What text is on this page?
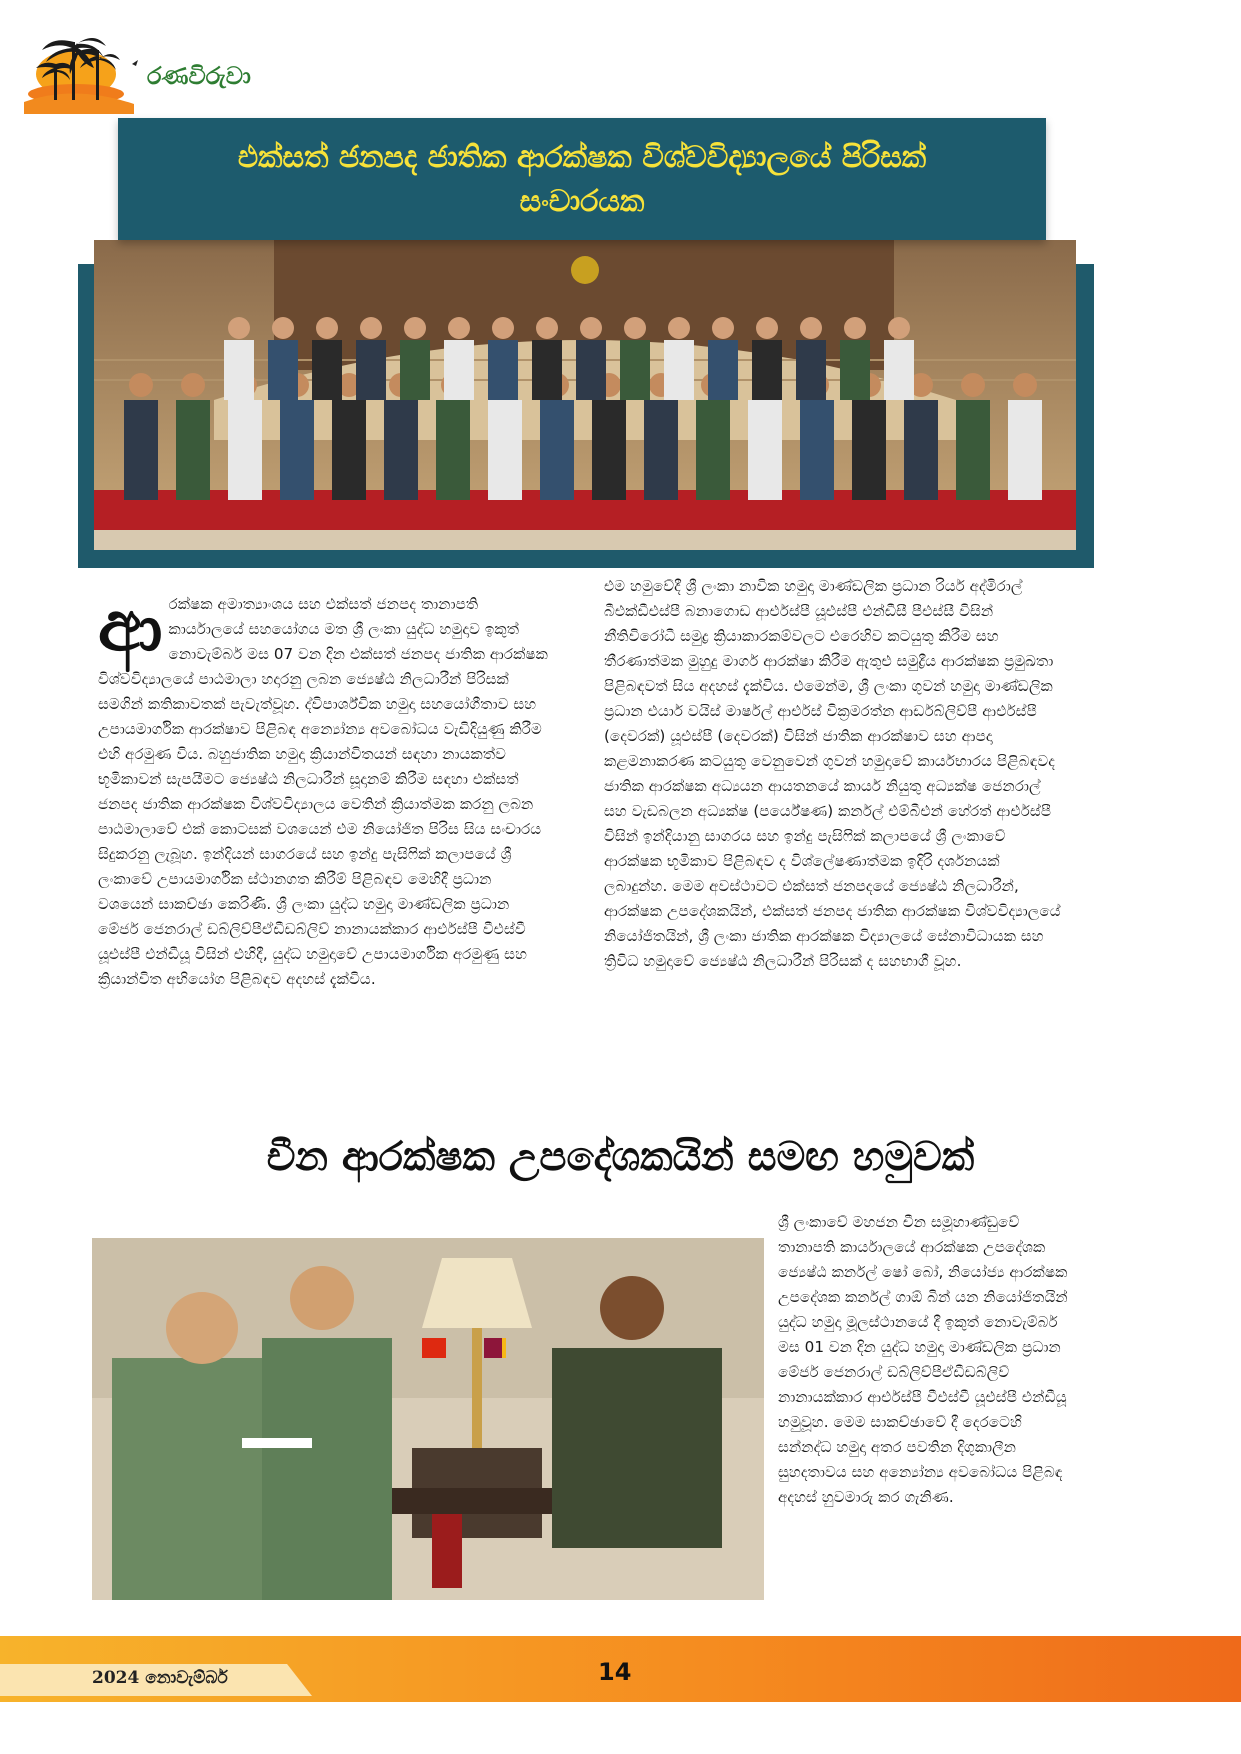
රණවිරුවා
එක්සත් ජනපද ජාතික ආරක්ෂක විශ්වවිද්‍යාලයේ පිරිසක්
සංචාරයක
ආරක්ෂක අමාත්‍යාංශය සහ එක්සත් ජනපද තානාපති කාර්යාලයේ සහයෝගය මත ශ්‍රී ලංකා යුද්ධ හමුදාව ඉකුත් නොවැම්බර් මස 07 වන දින එක්සත් ජනපද ජාතික ආරක්ෂක විශ්වවිද්‍යාලයේ පාඨමාලා හදාරනු ලබන ජ්‍යෙෂ්ඨ නිලධාරීන් පිරිසක් සමගින් කතිකාවතක් පැවැත්වූහ. ද්විපාර්ශ්වික හමුදා සහයෝගීතාව සහ උපායමාර්ගික ආරක්ෂාව පිළිබඳ අන්‍යෝන්‍ය අවබෝධය වැඩිදියුණු කිරීම එහි අරමුණ විය. බහුජාතික හමුදා ක්‍රියාන්විතයන් සඳහා නායකත්ව භූමිකාවන් සැපයීමට ජ්‍යෙෂ්ඨ නිලධාරීන් සූදානම් කිරීම සඳහා එක්සත් ජනපද ජාතික ආරක්ෂක විශ්වවිද්‍යාලය වෙතින් ක්‍රියාත්මක කරනු ලබන පාඨමාලාවේ එක් කොටසක් වශයෙන් එම නියෝජිත පිරිස සිය සංචාරය සිදුකරනු ලැබූහ. ඉන්දියන් සාගරයේ සහ ඉන්දු පැසිෆික් කලාපයේ ශ්‍රී ලංකාවේ උපායමාර්ගික ස්ථානගත කිරීම් පිළිබඳව මෙහිදී ප්‍රධාන වශයෙන් සාකච්ඡා කෙරිණි. ශ්‍රී ලංකා යුද්ධ හමුදා මාණ්ඩලික ප්‍රධාන මේජර් ජෙනරාල් ඩබ්ලිව්පීඒඩීඩබ්ලිව් නානායක්කාර ආර්එස්පී වීඑස්වී යූඑස්පී එන්ඩීයූ විසින් එහිදී, යුද්ධ හමුදාවේ උපායමාර්ගික අරමුණු සහ ක්‍රියාන්විත අභියෝග පිළිබඳව අදහස් දැක්විය.
එම හමුවේදී ශ්‍රී ලංකා නාවික හමුදා මාණ්ඩලික ප්‍රධාන රියර් අද්මිරාල් බීඑක්ඩීඑස්පී බනාගොඩ ආර්එස්පී යූඑස්පී එන්ඩීසී පීඑස්සී විසින් නීතිවිරෝධී සමුද්‍ර ක්‍රියාකාරකම්වලට එරෙහිව කටයුතු කිරීම සහ තීරණාත්මක මුහුදු මාර්ග ආරක්ෂා කිරීම ඇතුළු සමුද්‍රීය ආරක්ෂක ප්‍රමුඛතා පිළිබඳවත් සිය අදහස් දැක්විය. එමෙන්ම, ශ්‍රී ලංකා ගුවන් හමුදා මාණ්ඩලික ප්‍රධාන එයාර් වයිස් මාර්ෂල් ආර්එස් වික්‍රමරත්න ආර්ඩබ්ලිව්පී ආර්එස්පී (දෙවරක්) යූඑස්පී (දෙවරක්) විසින් ජාතික ආරක්ෂාව සහ ආපදා කළමනාකරණ කටයුතු වෙනුවෙන් ගුවන් හමුදාවේ කාර්යභාරය පිළිබඳවද ජාතික ආරක්ෂක අධ්‍යයන ආයතනයේ කාර්ය නියුතු අධ්‍යක්ෂ ජෙනරාල් සහ වැඩබලන අධ්‍යක්ෂ (පර්යේෂණ) කර්නල් එම්බීඑන් හේරත් ආර්එස්පී විසින් ඉන්දියානු සාගරය සහ ඉන්දු පැසිෆික් කලාපයේ ශ්‍රී ලංකාවේ ආරක්ෂක භූමිකාව පිළිබඳව ද විශ්ලේෂණාත්මක ඉදිරි දර්ශනයක් ලබාදුන්හ. මෙම අවස්ථාවට එක්සත් ජනපදයේ ජ්‍යෙෂ්ඨ නිලධාරීන්, ආරක්ෂක උපදේශකයින්, එක්සත් ජනපද ජාතික ආරක්ෂක විශ්වවිද්‍යාලයේ නියෝජිතයින්, ශ්‍රී ලංකා ජාතික ආරක්ෂක විද්‍යාලයේ සේනාවිධායක සහ ත්‍රිවිධ හමුදාවේ ජ්‍යෙෂ්ඨ නිලධාරීන් පිරිසක් ද සහභාගී වූහ.
චීන ආරක්ෂක උපදේශකයින් සමඟ හමුවක්
ශ්‍රී ලංකාවේ මහජන චීන සමූහාණ්ඩුවේ තානාපති කාර්යාලයේ ආරක්ෂක උපදේශක ජ්‍යෙෂ්ඨ කර්නල් ෂෝ බෝ, නියෝජ්‍ය ආරක්ෂක උපදේශක කර්නල් ගාඕ බින් යන නියෝජිතයින් යුද්ධ හමුදා මූලස්ථානයේ දී ඉකුත් නොවැම්බර් මස 01 වන දින යුද්ධ හමුදා මාණ්ඩලික ප්‍රධාන මේජර් ජෙනරාල් ඩබ්ලිව්පීඒඩීඩබ්ලිව් නානායක්කාර ආර්එස්පී වීඑස්වී යූඑස්පී එන්ඩීයූ හමුවූහ. මෙම සාකච්ඡාවේ දී දෙරටෙහි සන්නද්ධ හමුදා අතර පවතින දිගුකාලීන සුහදතාවය සහ අන්‍යෝන්‍ය අවබෝධය පිළිබඳ අදහස් හුවමාරු කර ගැනිණ.
2024 නොවැම්බර්	14
